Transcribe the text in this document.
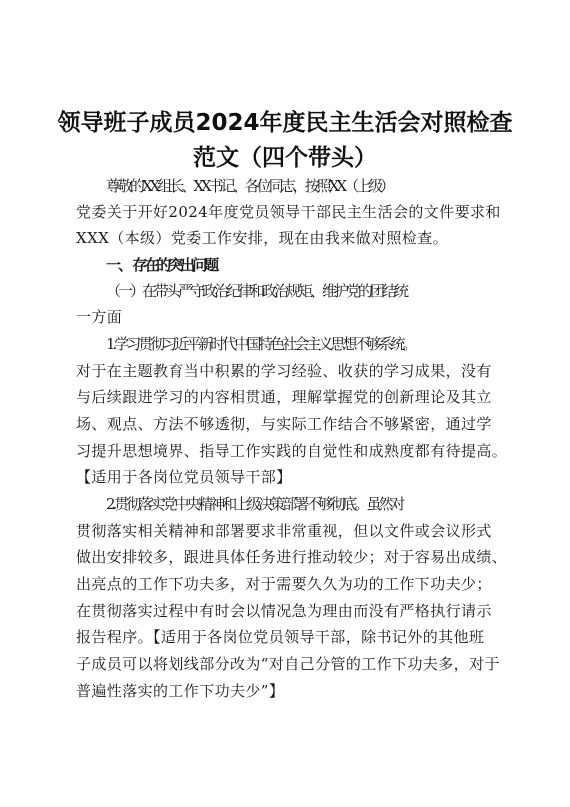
领导班子成员2024年度民主生活会对照检查
范文（四个带头）
尊敬的XX组长、XX书记、各位同志，按照XX（上级）
党委关于开好2024年度党员领导干部民主生活会的文件要求和
XXX（本级）党委工作安排，现在由我来做对照检查。
一、 存在的突出问题
（一）在带头严守政治纪律和政治规矩、维护党的团结统
一方面
1.学习贯彻习近平新时代中国特色社会主义思想不够系统。
对于在主题教育当中积累的学习经验、收获的学习成果，没有
与后续跟进学习的内容相贯通，理解掌握党的创新理论及其立
场、观点、方法不够透彻，与实际工作结合不够紧密，通过学
习提升思想境界、指导工作实践的自觉性和成熟度都有待提高。
【适用于各岗位党员领导干部】
2.贯彻落实党中央精神和上级决策部署不够彻底。虽然对
贯彻落实相关精神和部署要求非常重视，但以文件或会议形式
做出安排较多，跟进具体任务进行推动较少；对于容易出成绩、
出亮点的工作下功夫多，对于需要久久为功的工作下功夫少；
在贯彻落实过程中有时会以情况急为理由而没有严格执行请示
报告程序。【适用于各岗位党员领导干部，除书记外的其他班
子成员可以将划线部分改为“对自己分管的工作下功夫多，对于
普遍性落实的工作下功夫少”】
